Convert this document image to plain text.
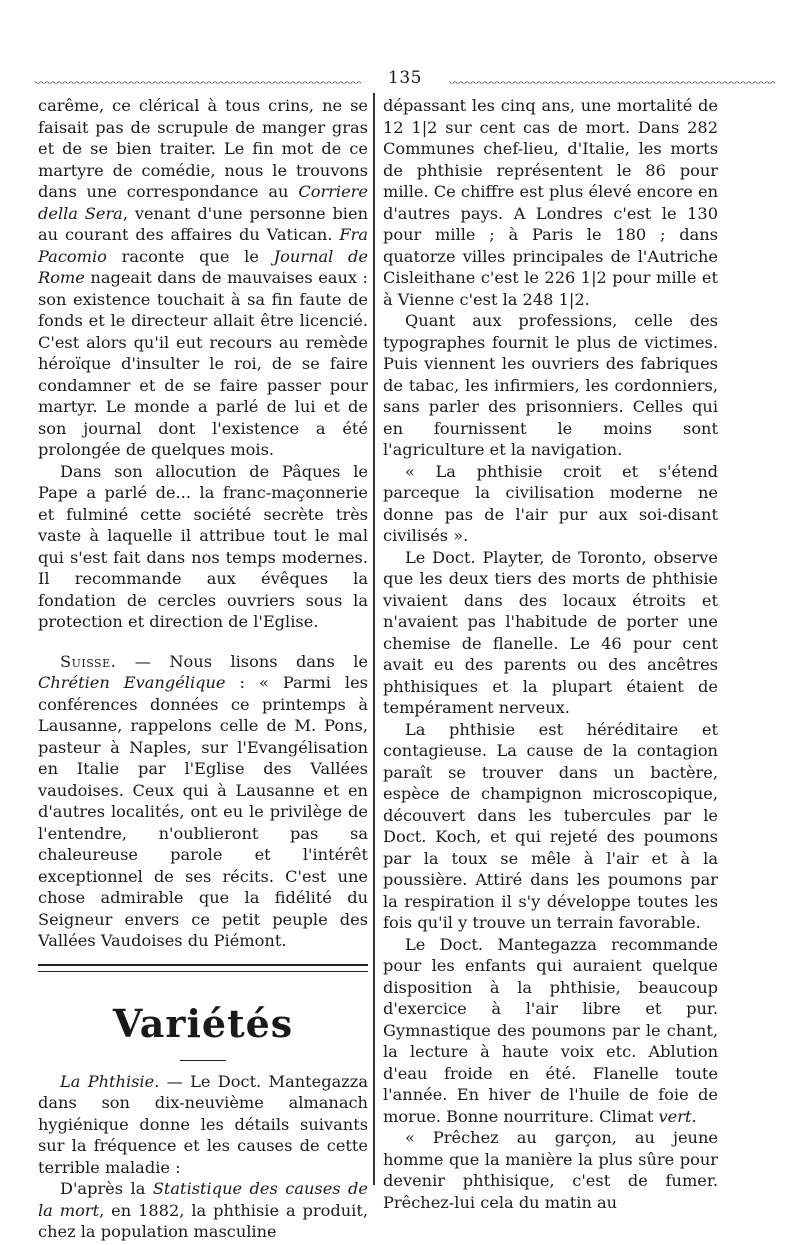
135

carême, ce clérical à tous crins, ne se faisait pas de scrupule de manger gras et de se bien traiter. Le fin mot de ce martyre de comédie, nous le trouvons dans une correspondance au Corriere della Sera, venant d'une personne bien au courant des affaires du Vatican. Fra Pacomio raconte que le Journal de Rome nageait dans de mauvaises eaux : son existence touchait à sa fin faute de fonds et le directeur allait être licencié. C'est alors qu'il eut recours au remède héroïque d'insulter le roi, de se faire condamner et de se faire passer pour martyr. Le monde a parlé de lui et de son journal dont l'existence a été prolongée de quelques mois.

Dans son allocution de Pâques le Pape a parlé de... la franc-maçonnerie et fulminé cette société secrète très vaste à laquelle il attribue tout le mal qui s'est fait dans nos temps modernes. Il recommande aux évêques la fondation de cercles ouvriers sous la protection et direction de l'Eglise.

Suisse. — Nous lisons dans le Chrétien Evangélique : « Parmi les conférences données ce printemps à Lausanne, rappelons celle de M. Pons, pasteur à Naples, sur l'Evangélisation en Italie par l'Eglise des Vallées vaudoises. Ceux qui à Lausanne et en d'autres localités, ont eu le privilège de l'entendre, n'oublieront pas sa chaleureuse parole et l'intérêt exceptionnel de ses récits. C'est une chose admirable que la fidélité du Seigneur envers ce petit peuple des Vallées Vaudoises du Piémont.

Variétés

La Phthisie. — Le Doct. Mantegazza dans son dix-neuvième almanach hygiénique donne les détails suivants sur la fréquence et les causes de cette terrible maladie :

D'après la Statistique des causes de la mort, en 1882, la phthisie a produit, chez la population masculine

dépassant les cinq ans, une mortalité de 12 1|2 sur cent cas de mort. Dans 282 Communes chef-lieu, d'Italie, les morts de phthisie représentent le 86 pour mille. Ce chiffre est plus élevé encore en d'autres pays. A Londres c'est le 130 pour mille ; à Paris le 180 ; dans quatorze villes principales de l'Autriche Cisleithane c'est le 226 1|2 pour mille et à Vienne c'est la 248 1|2.

Quant aux professions, celle des typographes fournit le plus de victimes. Puis viennent les ouvriers des fabriques de tabac, les infirmiers, les cordonniers, sans parler des prisonniers. Celles qui en fournissent le moins sont l'agriculture et la navigation.

« La phthisie croit et s'étend parceque la civilisation moderne ne donne pas de l'air pur aux soi-disant civilisés ».

Le Doct. Playter, de Toronto, observe que les deux tiers des morts de phthisie vivaient dans des locaux étroits et n'avaient pas l'habitude de porter une chemise de flanelle. Le 46 pour cent avait eu des parents ou des ancêtres phthisiques et la plupart étaient de tempérament nerveux.

La phthisie est héréditaire et contagieuse. La cause de la contagion paraît se trouver dans un bactère, espèce de champignon microscopique, découvert dans les tubercules par le Doct. Koch, et qui rejeté des poumons par la toux se mêle à l'air et à la poussière. Attiré dans les poumons par la respiration il s'y développe toutes les fois qu'il y trouve un terrain favorable.

Le Doct. Mantegazza recommande pour les enfants qui auraient quelque disposition à la phthisie, beaucoup d'exercice à l'air libre et pur. Gymnastique des poumons par le chant, la lecture à haute voix etc. Ablution d'eau froide en été. Flanelle toute l'année. En hiver de l'huile de foie de morue. Bonne nourriture. Climat vert.

« Prêchez au garçon, au jeune homme que la manière la plus sûre pour devenir phthisique, c'est de fumer. Prêchez-lui cela du matin au
